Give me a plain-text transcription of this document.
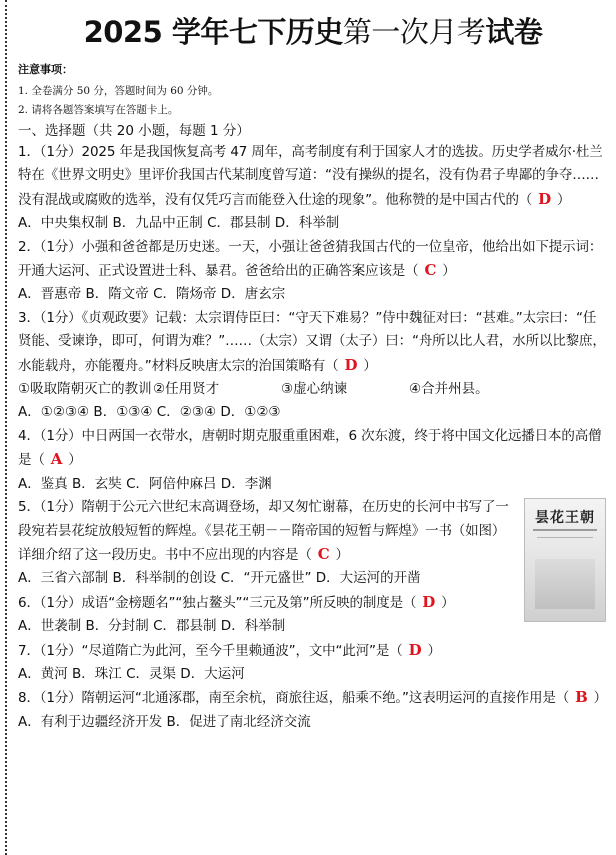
2025 学年七下历史第一次月考试卷
注意事项：
1. 全卷满分 50 分，答题时间为 60 分钟。
2. 请将各题答案填写在答题卡上。
一、选择题（共 20 小题，每题 1 分）
1．（1分）2025 年是我国恢复高考 47 周年，高考制度有利于国家人才的选拔。历史学者威尔·杜兰特在《世界文明史》里评价我国古代某制度曾写道：“没有操纵的提名，没有伪君子卑鄙的争夺……没有混战或腐败的选举，没有仅凭巧言而能登入仕途的现象”。他称赞的是中国古代的（ D ）
A．中央集权制 B．九品中正制 C．郡县制 D．科举制
2．（1分）小强和爸爸都是历史迷。一天，小强让爸爸猜我国古代的一位皇帝，他给出如下提示词：开通大运河、正式设置进士科、暴君。爸爸给出的正确答案应该是（ C ）
A．晋惠帝 B．隋文帝 C．隋炀帝 D．唐玄宗
3．（1分）《贞观政要》记载：太宗谓侍臣曰：“守天下难易？”侍中魏征对曰：“甚难。”太宗曰：“任贤能、受谏诤，即可，何谓为难？”……（太宗）又谓（太子）曰：“舟所以比人君，水所以比黎庶，水能载舟，亦能覆舟。”材料反映唐太宗的治国策略有（ D ）
①吸取隋朝灭亡的教训 ②任用贤才	③虚心纳谏	④合并州县。
A．①②③④ B．①③④ C．②③④ D．①②③
4．（1分）中日两国一衣带水，唐朝时期克服重重困难，6 次东渡，终于将中国文化远播日本的高僧是（ A ）
A．鉴真 B．玄奘 C．阿倍仲麻吕 D．李渊
昙花王朝
5．（1分）隋朝于公元六世纪末高调登场，却又匆忙谢幕，在历史的长河中书写了一段宛若昙花绽放般短暂的辉煌。《昙花王朝－－隋帝国的短暂与辉煌》一书（如图）详细介绍了这一段历史。书中不应出现的内容是（ C ）
A．三省六部制 B．科举制的创设 C．“开元盛世” D．大运河的开凿
6．（1分）成语“金榜题名”“独占鳌头”“三元及第”所反映的制度是（ D ）
A．世袭制 B．分封制 C．郡县制 D．科举制
7．（1分）“尽道隋亡为此河，至今千里赖通波”，文中“此河”是（ D ）
A．黄河 B．珠江 C．灵渠 D．大运河
8．（1分）隋朝运河“北通涿郡，南至余杭，商旅往返，船乘不绝。”这表明运河的直接作用是（ B ）
A．有利于边疆经济开发 B．促进了南北经济交流
